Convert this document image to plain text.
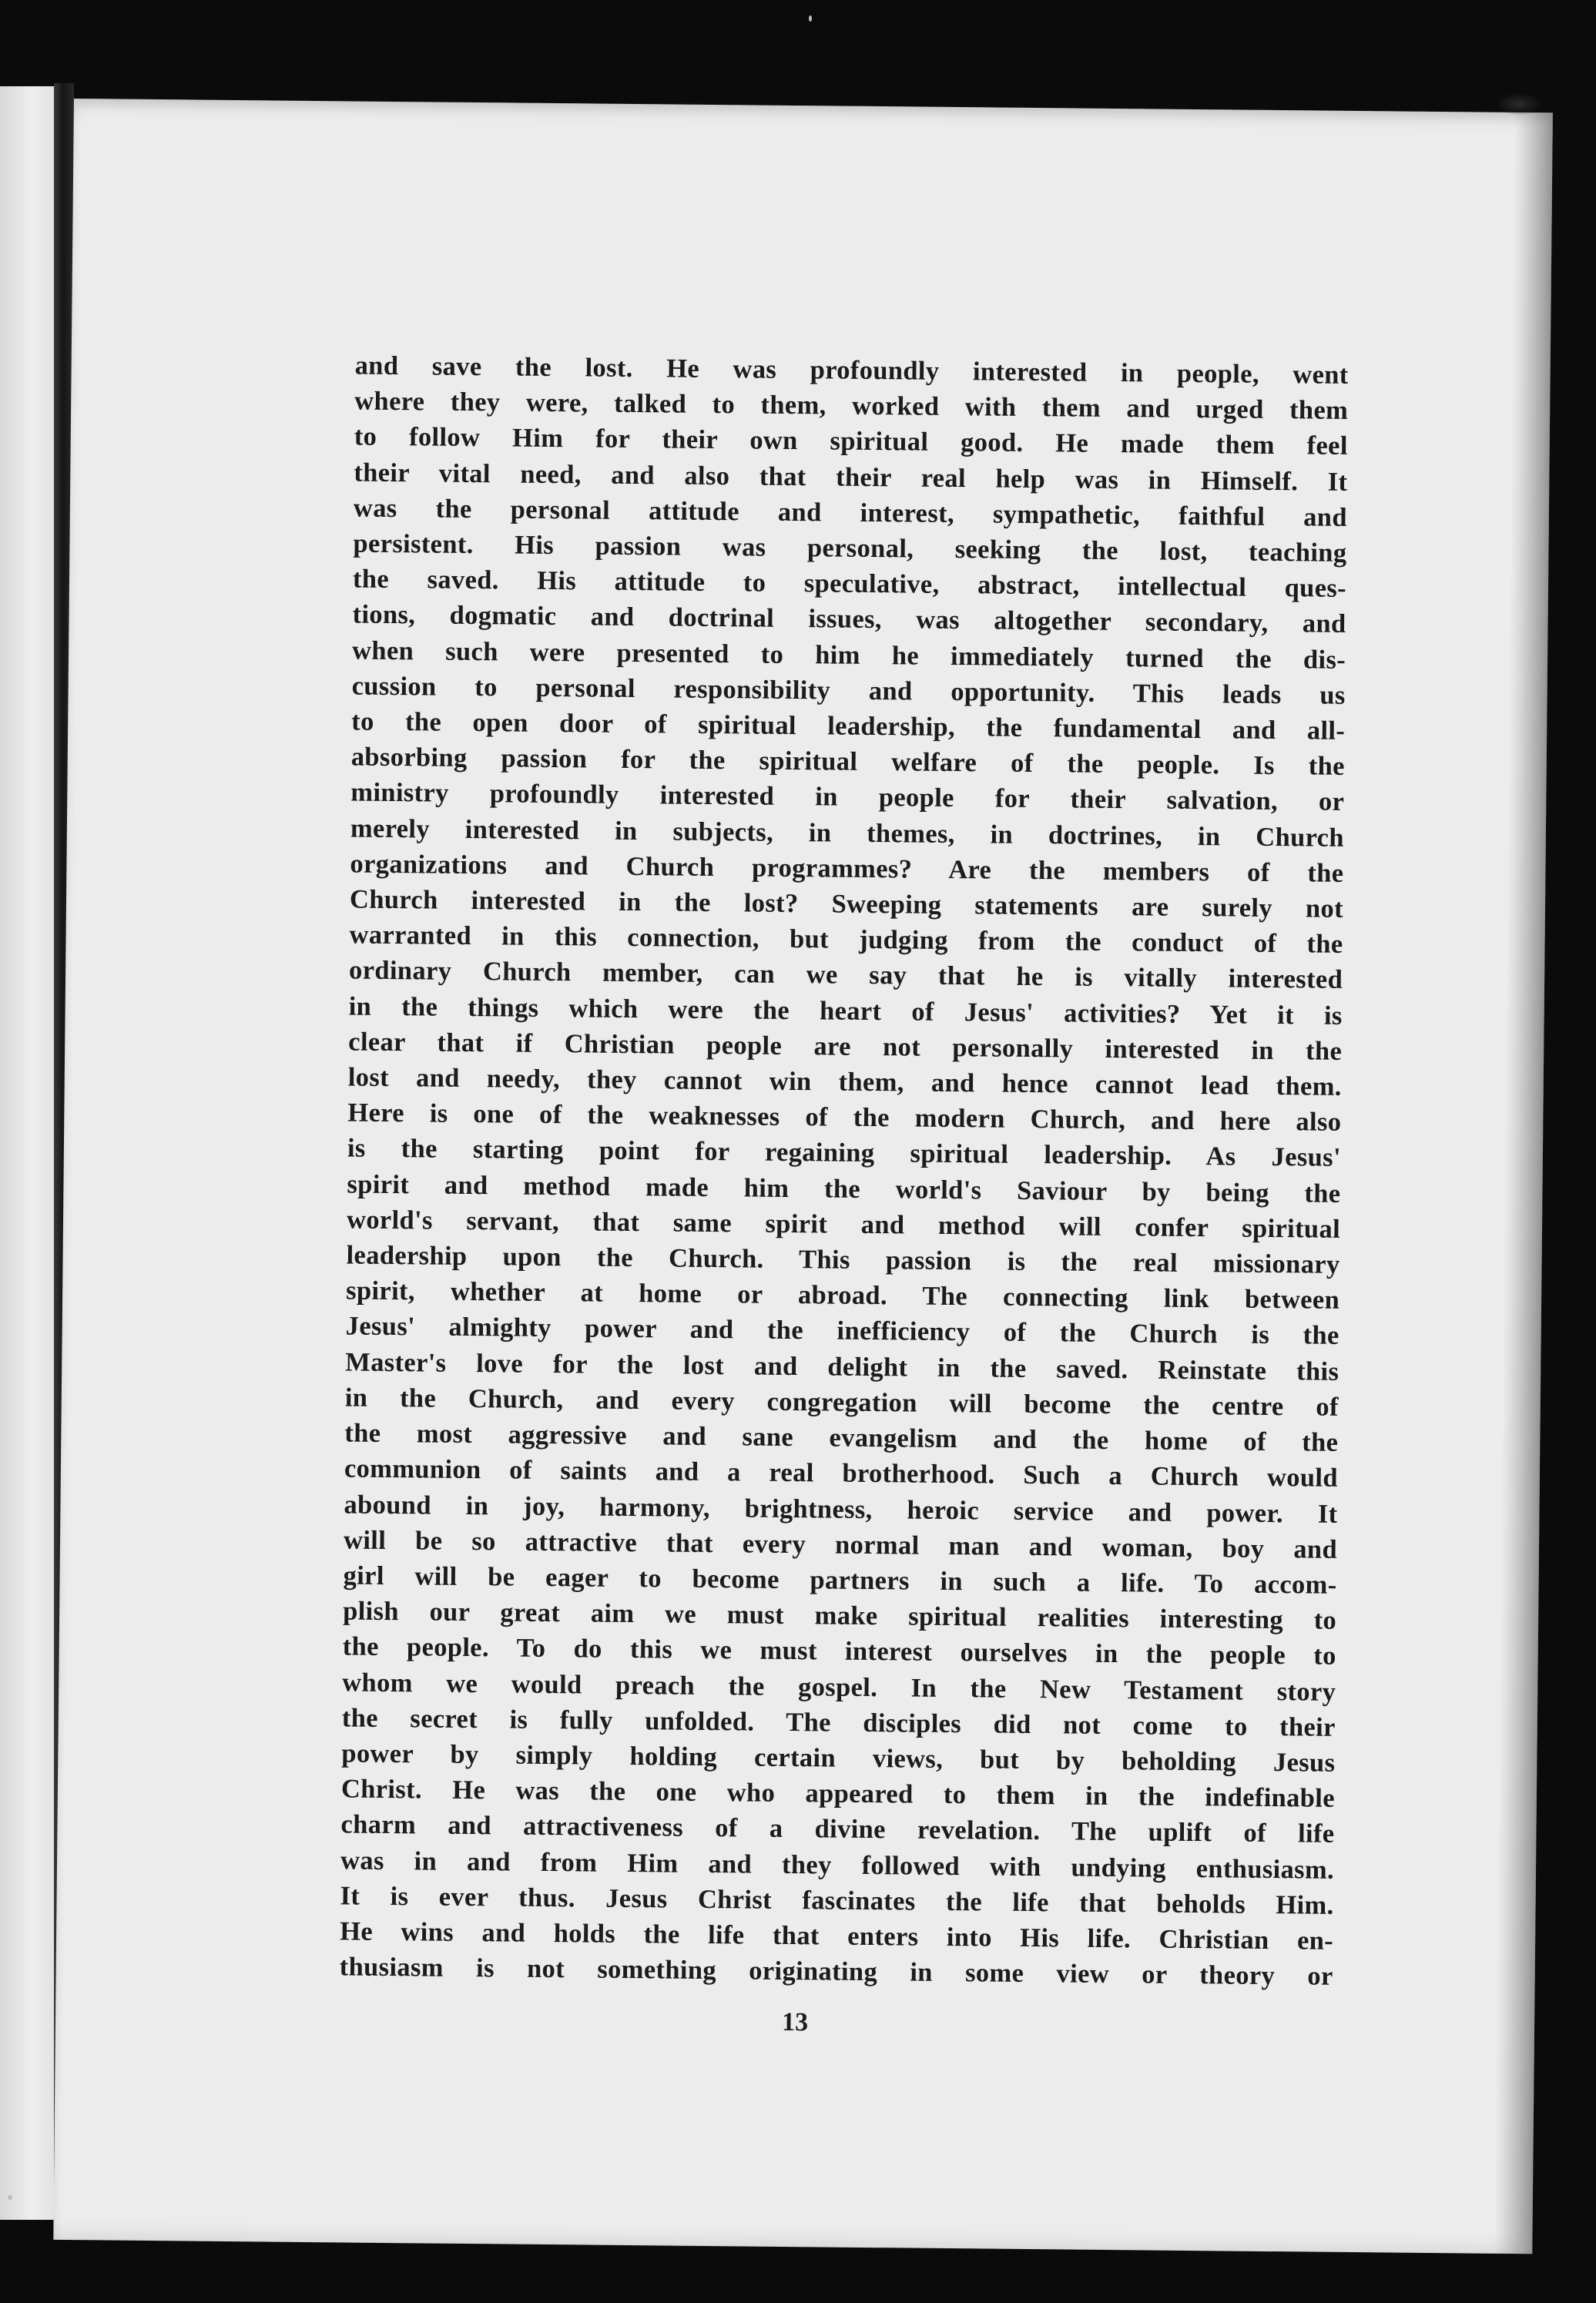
and save the lost. He was profoundly interested in people, went
where they were, talked to them, worked with them and urged them
to follow Him for their own spiritual good. He made them feel
their vital need, and also that their real help was in Himself. It
was the personal attitude and interest, sympathetic, faithful and
persistent. His passion was personal, seeking the lost, teaching
the saved. His attitude to speculative, abstract, intellectual ques-
tions, dogmatic and doctrinal issues, was altogether secondary, and
when such were presented to him he immediately turned the dis-
cussion to personal responsibility and opportunity. This leads us
to the open door of spiritual leadership, the fundamental and all-
absorbing passion for the spiritual welfare of the people. Is the
ministry profoundly interested in people for their salvation, or
merely interested in subjects, in themes, in doctrines, in Church
organizations and Church programmes? Are the members of the
Church interested in the lost? Sweeping statements are surely not
warranted in this connection, but judging from the conduct of the
ordinary Church member, can we say that he is vitally interested
in the things which were the heart of Jesus' activities? Yet it is
clear that if Christian people are not personally interested in the
lost and needy, they cannot win them, and hence cannot lead them.
Here is one of the weaknesses of the modern Church, and here also
is the starting point for regaining spiritual leadership. As Jesus'
spirit and method made him the world's Saviour by being the
world's servant, that same spirit and method will confer spiritual
leadership upon the Church. This passion is the real missionary
spirit, whether at home or abroad. The connecting link between
Jesus' almighty power and the inefficiency of the Church is the
Master's love for the lost and delight in the saved. Reinstate this
in the Church, and every congregation will become the centre of
the most aggressive and sane evangelism and the home of the
communion of saints and a real brotherhood. Such a Church would
abound in joy, harmony, brightness, heroic service and power. It
will be so attractive that every normal man and woman, boy and
girl will be eager to become partners in such a life. To accom-
plish our great aim we must make spiritual realities interesting to
the people. To do this we must interest ourselves in the people to
whom we would preach the gospel. In the New Testament story
the secret is fully unfolded. The disciples did not come to their
power by simply holding certain views, but by beholding Jesus
Christ. He was the one who appeared to them in the indefinable
charm and attractiveness of a divine revelation. The uplift of life
was in and from Him and they followed with undying enthusiasm.
It is ever thus. Jesus Christ fascinates the life that beholds Him.
He wins and holds the life that enters into His life. Christian en-
thusiasm is not something originating in some view or theory or
13
